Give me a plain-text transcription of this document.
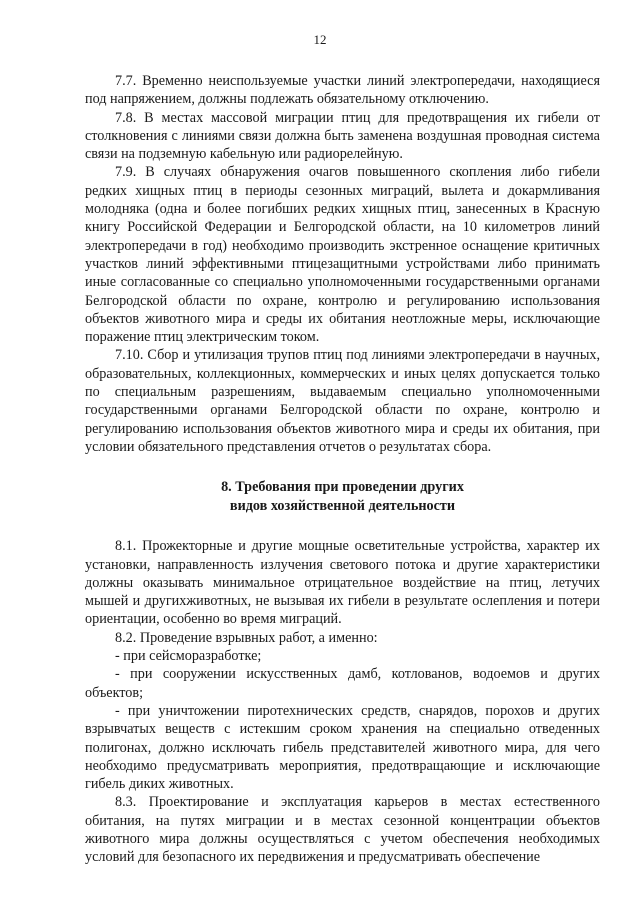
12

7.7. Временно неиспользуемые участки линий электропередачи, находящиеся под напряжением, должны подлежать обязательному отключению.

7.8. В местах массовой миграции птиц для предотвращения их гибели от столкновения с линиями связи должна быть заменена воздушная проводная система связи на подземную кабельную или радиорелейную.

7.9. В случаях обнаружения очагов повышенного скопления либо гибели редких хищных птиц в периоды сезонных миграций, вылета и докармливания молодняка (одна и более погибших редких хищных птиц, занесенных в Красную книгу Российской Федерации и Белгородской области, на 10 километров линий электропередачи в год) необходимо производить экстренное оснащение критичных участков линий эффективными птицезащитными устройствами либо принимать иные согласованные со специально уполномоченными государственными органами Белгородской области по охране, контролю и регулированию использования объектов животного мира и среды их обитания неотложные меры, исключающие поражение птиц электрическим током.

7.10. Сбор и утилизация трупов птиц под линиями электропередачи в научных, образовательных, коллекционных, коммерческих и иных целях допускается только по специальным разрешениям, выдаваемым специально уполномоченными государственными органами Белгородской области по охране, контролю и регулированию использования объектов животного мира и среды их обитания, при условии обязательного представления отчетов о результатах сбора.

8. Требования при проведении других
видов хозяйственной деятельности

8.1. Прожекторные и другие мощные осветительные устройства, характер их установки, направленность излучения светового потока и другие характеристики должны оказывать минимальное отрицательное воздействие на птиц, летучих мышей и другихживотных, не вызывая их гибели в результате ослепления и потери ориентации, особенно во время миграций.

8.2. Проведение взрывных работ, а именно:

- при сейсморазработке;

- при сооружении искусственных дамб, котлованов, водоемов и других объектов;

- при уничтожении пиротехнических средств, снарядов, порохов и других взрывчатых веществ с истекшим сроком хранения на специально отведенных полигонах, должно исключать гибель представителей животного мира, для чего необходимо предусматривать мероприятия, предотвращающие и исключающие гибель диких животных.

8.3. Проектирование и эксплуатация карьеров в местах естественного обитания, на путях миграции и в местах сезонной концентрации объектов животного мира должны осуществляться с учетом обеспечения необходимых условий для безопасного их передвижения и предусматривать обеспечение
